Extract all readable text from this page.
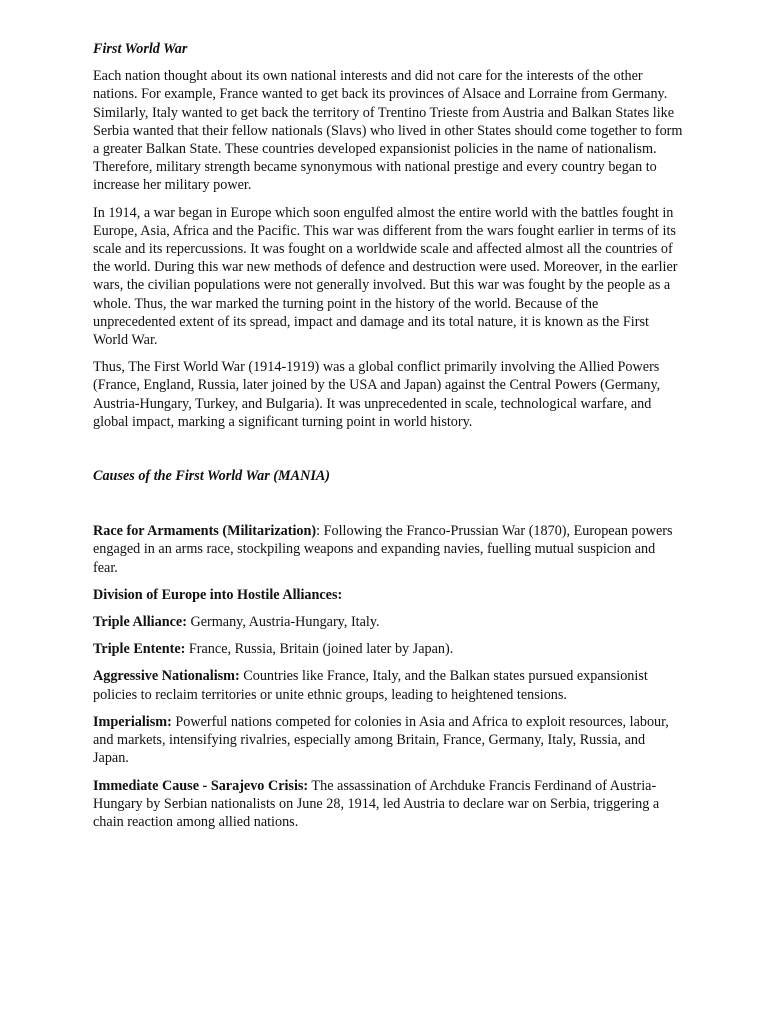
First World War

Each nation thought about its own national interests and did not care for the interests of the other nations. For example, France wanted to get back its provinces of Alsace and Lorraine from Germany. Similarly, Italy wanted to get back the territory of Trentino Trieste from Austria and Balkan States like Serbia wanted that their fellow nationals (Slavs) who lived in other States should come together to form a greater Balkan State. These countries developed expansionist policies in the name of nationalism. Therefore, military strength became synonymous with national prestige and every country began to increase her military power.

In 1914, a war began in Europe which soon engulfed almost the entire world with the battles fought in Europe, Asia, Africa and the Pacific. This war was different from the wars fought earlier in terms of its scale and its repercussions. It was fought on a worldwide scale and affected almost all the countries of the world. During this war new methods of defence and destruction were used. Moreover, in the earlier wars, the civilian populations were not generally involved. But this war was fought by the people as a whole. Thus, the war marked the turning point in the history of the world. Because of the unprecedented extent of its spread, impact and damage and its total nature, it is known as the First World War.

Thus, The First World War (1914-1919) was a global conflict primarily involving the Allied Powers (France, England, Russia, later joined by the USA and Japan) against the Central Powers (Germany, Austria-Hungary, Turkey, and Bulgaria). It was unprecedented in scale, technological warfare, and global impact, marking a significant turning point in world history.

Causes of the First World War (MANIA)

Race for Armaments (Militarization): Following the Franco-Prussian War (1870), European powers engaged in an arms race, stockpiling weapons and expanding navies, fuelling mutual suspicion and fear.

Division of Europe into Hostile Alliances:

Triple Alliance: Germany, Austria-Hungary, Italy.

Triple Entente: France, Russia, Britain (joined later by Japan).

Aggressive Nationalism: Countries like France, Italy, and the Balkan states pursued expansionist policies to reclaim territories or unite ethnic groups, leading to heightened tensions.

Imperialism: Powerful nations competed for colonies in Asia and Africa to exploit resources, labour, and markets, intensifying rivalries, especially among Britain, France, Germany, Italy, Russia, and Japan.

Immediate Cause - Sarajevo Crisis: The assassination of Archduke Francis Ferdinand of Austria-Hungary by Serbian nationalists on June 28, 1914, led Austria to declare war on Serbia, triggering a chain reaction among allied nations.
